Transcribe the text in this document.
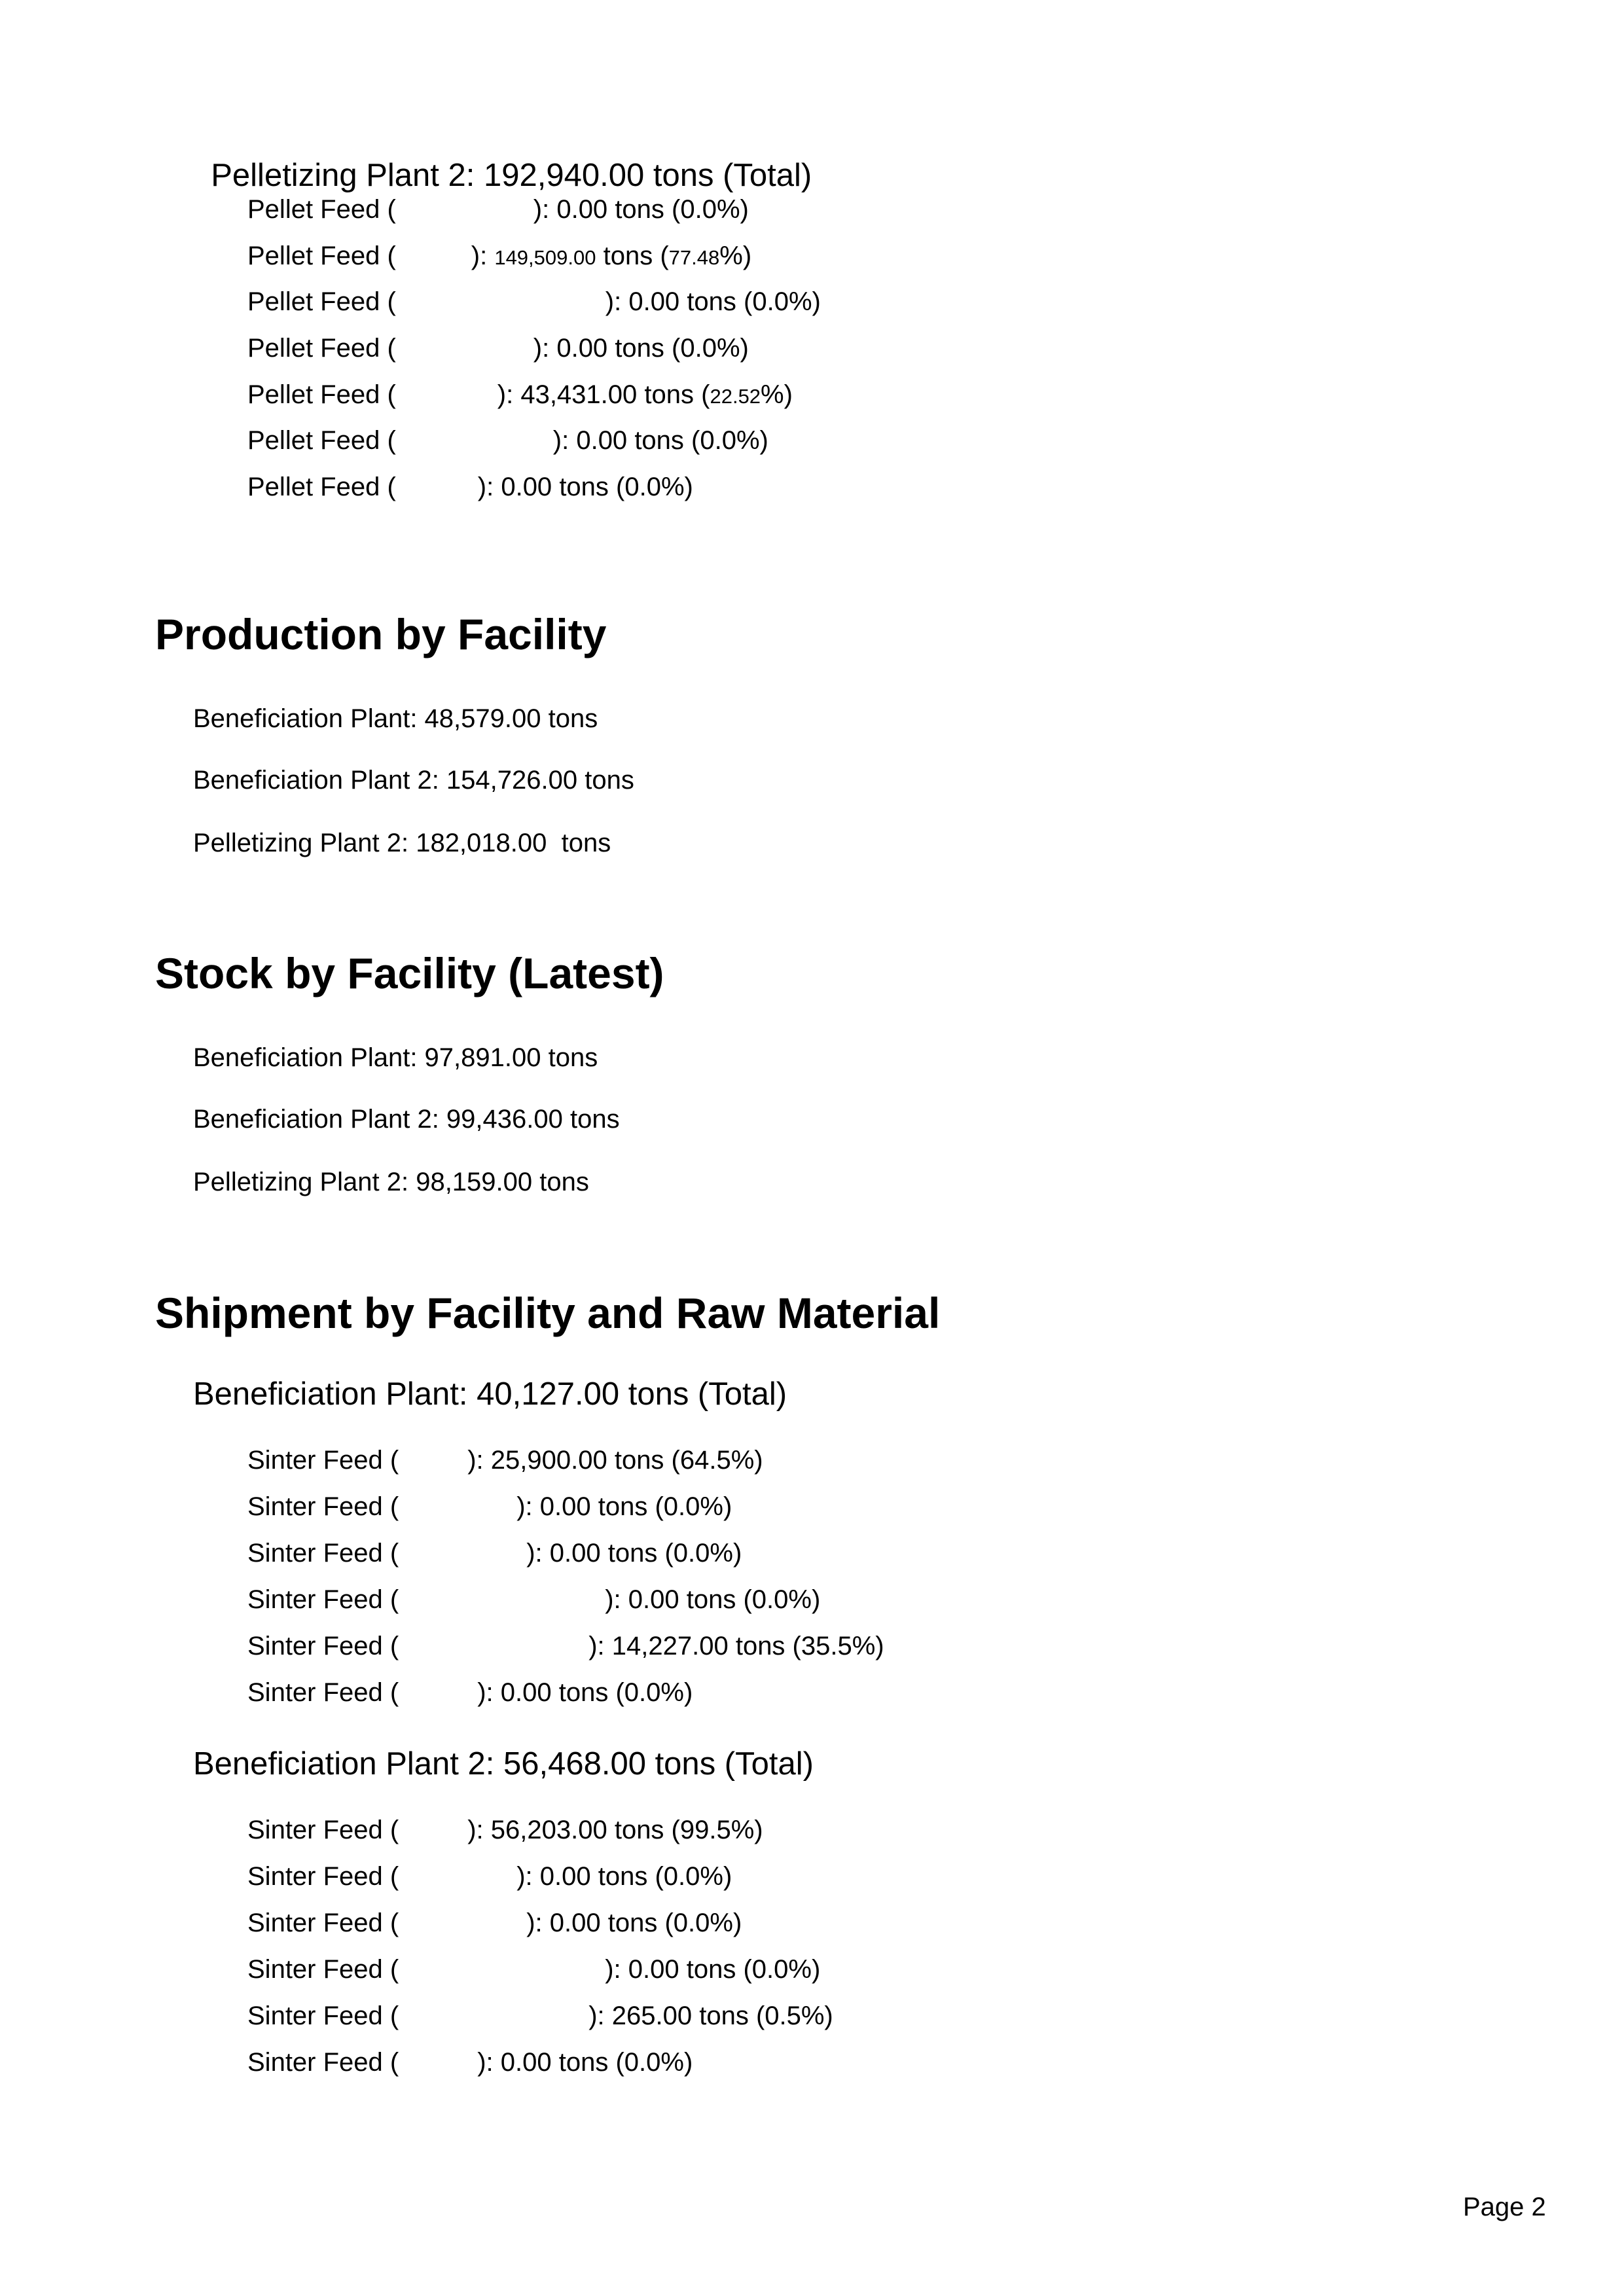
Pelletizing Plant 2: 192,940.00 tons (Total)

Pellet Feed (	): 0.00 tons (0.0%)
Pellet Feed (	): 149,509.00 tons (77.48%)
Pellet Feed (	): 0.00 tons (0.0%)
Pellet Feed (	): 0.00 tons (0.0%)
Pellet Feed (	): 43,431.00 tons (22.52%)
Pellet Feed (	): 0.00 tons (0.0%)
Pellet Feed (	): 0.00 tons (0.0%)
Production by Facility
Beneficiation Plant: 48,579.00 tons
Beneficiation Plant 2: 154,726.00 tons
Pelletizing Plant 2: 182,018.00  tons
Stock by Facility (Latest)
Beneficiation Plant: 97,891.00 tons
Beneficiation Plant 2: 99,436.00 tons
Pelletizing Plant 2: 98,159.00 tons
Shipment by Facility and Raw Material
Beneficiation Plant: 40,127.00 tons (Total)
Sinter Feed (	): 25,900.00 tons (64.5%)
Sinter Feed (	): 0.00 tons (0.0%)
Sinter Feed (	): 0.00 tons (0.0%)
Sinter Feed (	): 0.00 tons (0.0%)
Sinter Feed (	): 14,227.00 tons (35.5%)
Sinter Feed (	): 0.00 tons (0.0%)
Beneficiation Plant 2: 56,468.00 tons (Total)
Sinter Feed (	): 56,203.00 tons (99.5%)
Sinter Feed (	): 0.00 tons (0.0%)
Sinter Feed (	): 0.00 tons (0.0%)
Sinter Feed (	): 0.00 tons (0.0%)
Sinter Feed (	): 265.00 tons (0.5%)
Sinter Feed (	): 0.00 tons (0.0%)
Page 2
